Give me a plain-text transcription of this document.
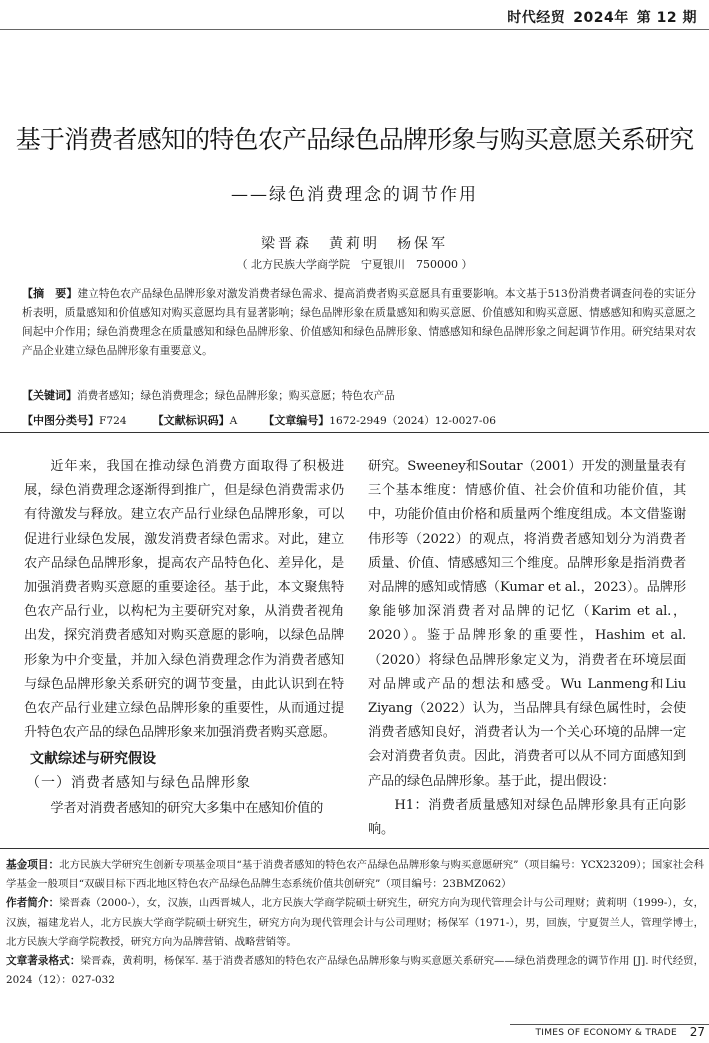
时代经贸 2024年 第 12 期
基于消费者感知的特色农产品绿色品牌形象与购买意愿关系研究
——绿色消费理念的调节作用
梁晋森　黄莉明　杨保军
（ 北方民族大学商学院　宁夏银川　750000 ）
【摘　要】建立特色农产品绿色品牌形象对激发消费者绿色需求、提高消费者购买意愿具有重要影响。本文基于513份消费者调查问卷的实证分析表明，质量感知和价值感知对购买意愿均具有显著影响；绿色品牌形象在质量感知和购买意愿、价值感知和购买意愿、情感感知和购买意愿之间起中介作用；绿色消费理念在质量感知和绿色品牌形象、价值感知和绿色品牌形象、情感感知和绿色品牌形象之间起调节作用。研究结果对农产品企业建立绿色品牌形象有重要意义。
【关键词】消费者感知；绿色消费理念；绿色品牌形象；购买意愿；特色农产品
【中图分类号】F724 【文献标识码】A 【文章编号】1672-2949（2024）12-0027-06

近年来，我国在推动绿色消费方面取得了积极进展，绿色消费理念逐渐得到推广，但是绿色消费需求仍有待激发与释放。建立农产品行业绿色品牌形象，可以促进行业绿色发展，激发消费者绿色需求。对此，建立农产品绿色品牌形象，提高农产品特色化、差异化，是加强消费者购买意愿的重要途径。基于此，本文聚焦特色农产品行业，以构杞为主要研究对象，从消费者视角出发，探究消费者感知对购买意愿的影响，以绿色品牌形象为中介变量，并加入绿色消费理念作为消费者感知与绿色品牌形象关系研究的调节变量，由此认识到在特色农产品行业建立绿色品牌形象的重要性，从而通过提升特色农产品的绿色品牌形象来加强消费者购买意愿。

文献综述与研究假设
（一）消费者感知与绿色品牌形象
学者对消费者感知的研究大多集中在感知价值的

研究。Sweeney和Soutar（2001）开发的测量量表有三个基本维度：情感价值、社会价值和功能价值，其中，功能价值由价格和质量两个维度组成。本文借鉴谢伟形等（2022）的观点，将消费者感知划分为消费者质量、价值、情感感知三个维度。品牌形象是指消费者对品牌的感知或情感（Kumar et al.，2023）。品牌形象能够加深消费者对品牌的记忆（Karim et al.，2020）。鉴于品牌形象的重要性，Hashim et al.（2020）将绿色品牌形象定义为，消费者在环境层面对品牌或产品的想法和感受。Wu Lanmeng和Liu Ziyang（2022）认为，当品牌具有绿色属性时，会使消费者感知良好，消费者认为一个关心环境的品牌一定会对消费者负责。因此，消费者可以从不同方面感知到产品的绿色品牌形象。基于此，提出假设：

H1：消费者质量感知对绿色品牌形象具有正向影响。

基金项目：北方民族大学研究生创新专项基金项目“基于消费者感知的特色农产品绿色品牌形象与购买意愿研究”（项目编号：YCX23209）；国家社会科学基金一般项目“双碳目标下西北地区特色农产品绿色品牌生态系统价值共创研究”（项目编号：23BMZ062）
作者简介：梁晋森（2000-），女，汉族，山西晋城人，北方民族大学商学院硕士研究生，研究方向为现代管理会计与公司理财；黄莉明（1999-），女，汉族，福建龙岩人，北方民族大学商学院硕士研究生，研究方向为现代管理会计与公司理财；杨保军（1971-），男，回族，宁夏贺兰人，管理学博士，北方民族大学商学院教授，研究方向为品牌营销、战略营销等。
文章著录格式：梁晋森，黄莉明，杨保军. 基于消费者感知的特色农产品绿色品牌形象与购买意愿关系研究——绿色消费理念的调节作用 [J]. 时代经贸，2024（12）：027-032
TIMES OF ECONOMY & TRADE 27
